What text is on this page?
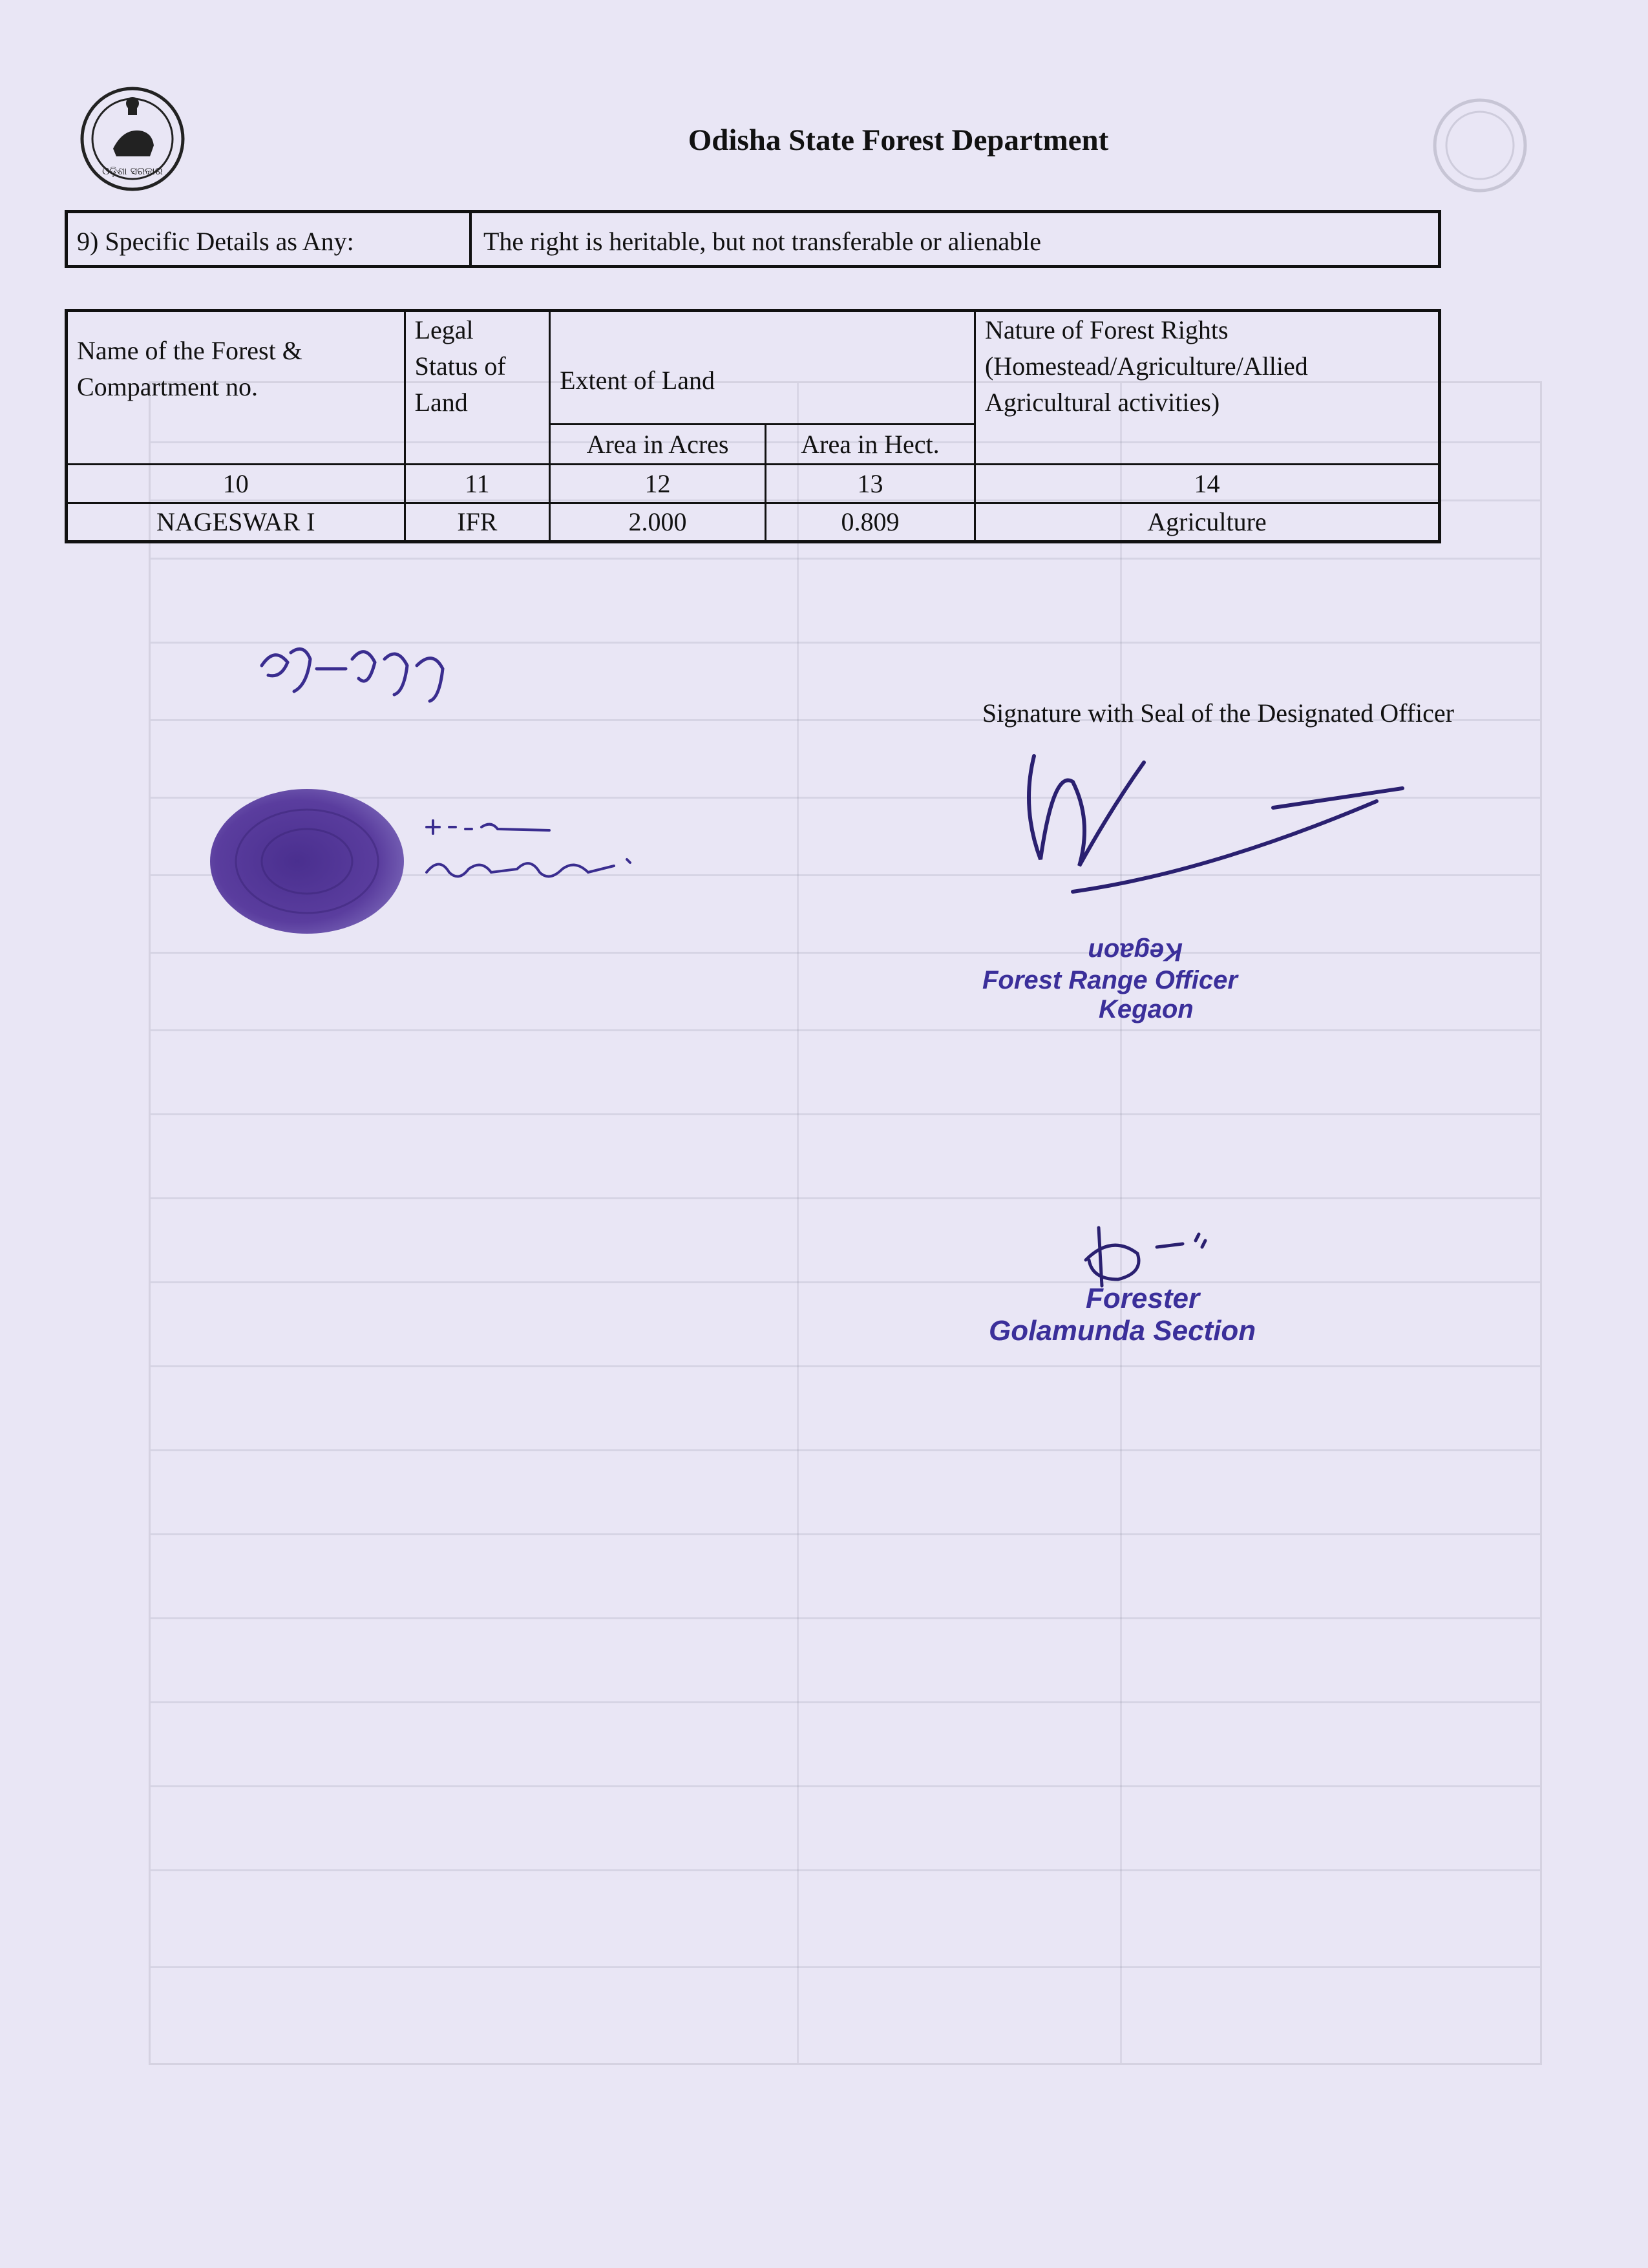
ଓଡ଼ିଶା ସରକାର
Odisha State Forest Department
9) Specific Details as Any:	The right is heritable, but not transferable or alienable
Name of the Forest & Compartment no.	Legal Status of Land	Extent of Land		Nature of Forest Rights (Homestead/Agriculture/Allied Agricultural activities)
		Area in Acres	Area in Hect.	
10	11	12	13	14
NAGESWAR I	IFR	2.000	0.809	Agriculture
Signature with Seal of the Designated Officer
Kegaon
Forest Range Officer
Kegaon
Forester
Golamunda Section
